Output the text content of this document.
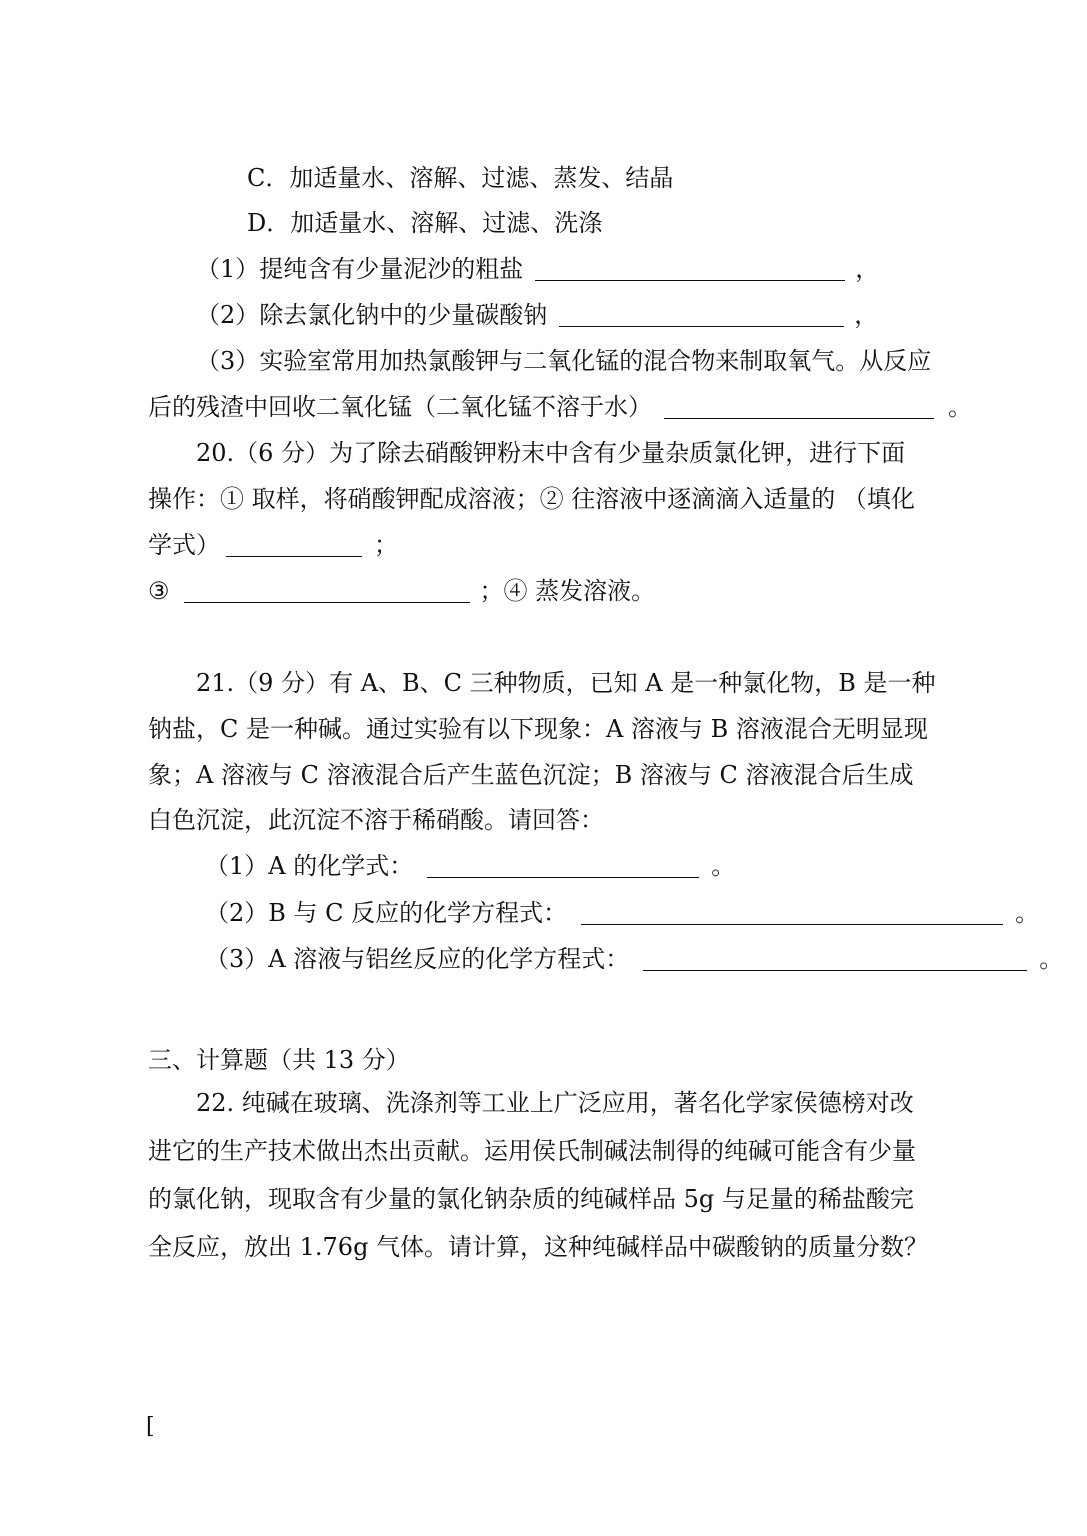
C．加适量水、溶解、过滤、蒸发、结晶
D．加适量水、溶解、过滤、洗涤
（1）提纯含有少量泥沙的粗盐	，
（2）除去氯化钠中的少量碳酸钠	，
（3）实验室常用加热氯酸钾与二氧化锰的混合物来制取氧气。从反应
后的残渣中回收二氧化锰（二氧化锰不溶于水）	。
20.（6 分）为了除去硝酸钾粉末中含有少量杂质氯化钾，进行下面
操作：① 取样，将硝酸钾配成溶液；② 往溶液中逐滴滴入适量的 （填化
学式）	；
③	；④ 蒸发溶液。
21.（9 分）有 A、B、C 三种物质，已知 A 是一种氯化物，B 是一种
钠盐，C 是一种碱。通过实验有以下现象：A 溶液与 B 溶液混合无明显现
象；A 溶液与 C 溶液混合后产生蓝色沉淀；B 溶液与 C 溶液混合后生成
白色沉淀，此沉淀不溶于稀硝酸。请回答：
（1）A 的化学式：	。
（2）B 与 C 反应的化学方程式：	。
（3）A 溶液与铝丝反应的化学方程式：	。
三、计算题（共 13 分）
22. 纯碱在玻璃、洗涤剂等工业上广泛应用，著名化学家侯德榜对改
进它的生产技术做出杰出贡献。运用侯氏制碱法制得的纯碱可能含有少量
的氯化钠，现取含有少量的氯化钠杂质的纯碱样品 5g 与足量的稀盐酸完
全反应，放出 1.76g 气体。请计算，这种纯碱样品中碳酸钠的质量分数？
[
